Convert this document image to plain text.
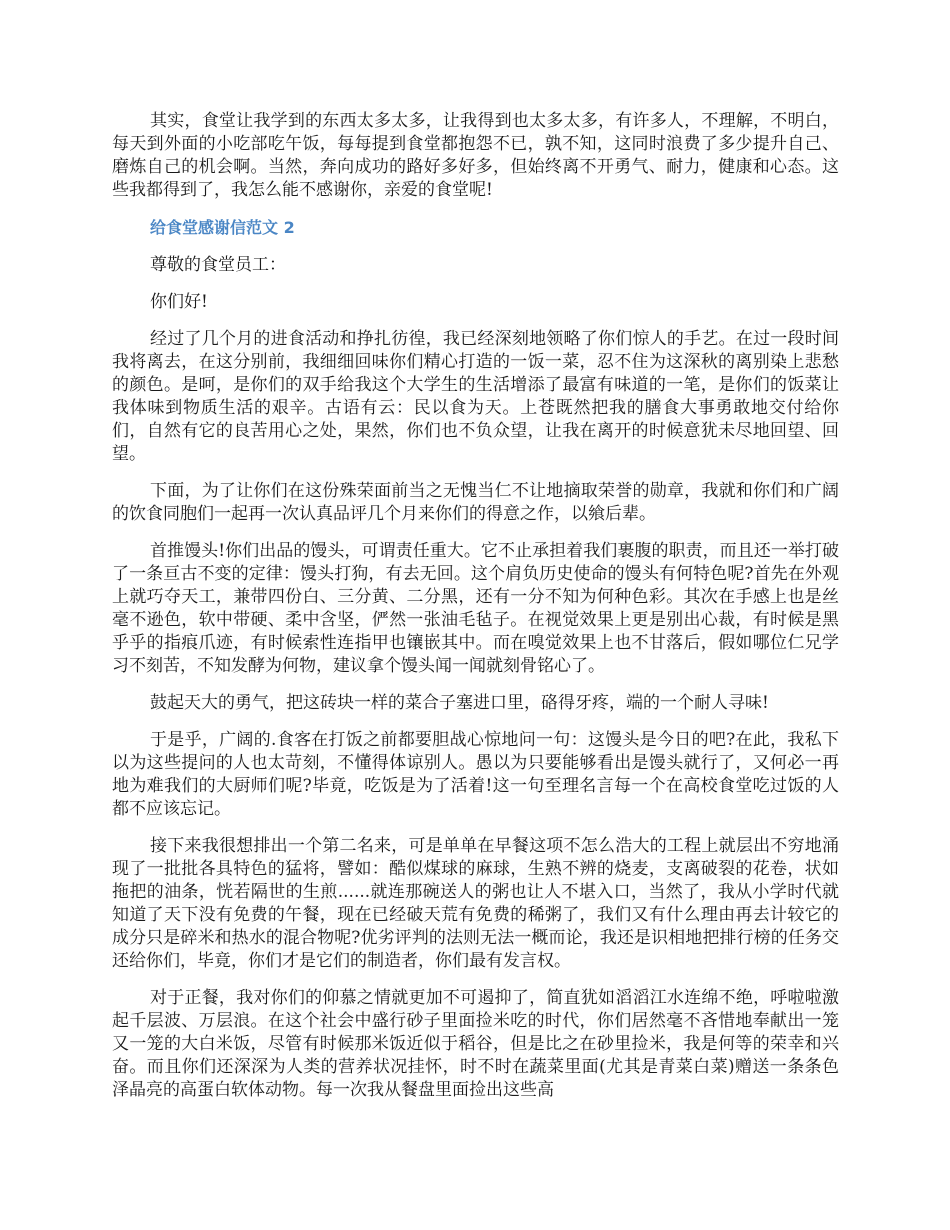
其实，食堂让我学到的东西太多太多，让我得到也太多太多，有许多人，不理解，不明白，每天到外面的小吃部吃午饭，每每提到食堂都抱怨不已，孰不知，这同时浪费了多少提升自己、磨炼自己的机会啊。当然，奔向成功的路好多好多，但始终离不开勇气、耐力，健康和心态。这些我都得到了，我怎么能不感谢你，亲爱的食堂呢!

给食堂感谢信范文 2

尊敬的食堂员工：

你们好!

经过了几个月的进食活动和挣扎彷徨，我已经深刻地领略了你们惊人的手艺。在过一段时间我将离去，在这分别前，我细细回味你们精心打造的一饭一菜，忍不住为这深秋的离别染上悲愁的颜色。是呵，是你们的双手给我这个大学生的生活增添了最富有味道的一笔，是你们的饭菜让我体味到物质生活的艰辛。古语有云：民以食为天。上苍既然把我的膳食大事勇敢地交付给你们，自然有它的良苦用心之处，果然，你们也不负众望，让我在离开的时候意犹未尽地回望、回望。

下面，为了让你们在这份殊荣面前当之无愧当仁不让地摘取荣誉的勋章，我就和你们和广阔的饮食同胞们一起再一次认真品评几个月来你们的得意之作，以飨后辈。

首推馒头!你们出品的馒头，可谓责任重大。它不止承担着我们裹腹的职责，而且还一举打破了一条亘古不变的定律：馒头打狗，有去无回。这个肩负历史使命的馒头有何特色呢?首先在外观上就巧夺天工，兼带四份白、三分黄、二分黑，还有一分不知为何种色彩。其次在手感上也是丝毫不逊色，软中带硬、柔中含坚，俨然一张油毛毡子。在视觉效果上更是别出心裁，有时候是黑乎乎的指痕爪迹，有时候索性连指甲也镶嵌其中。而在嗅觉效果上也不甘落后，假如哪位仁兄学习不刻苦，不知发酵为何物，建议拿个馒头闻一闻就刻骨铭心了。

鼓起天大的勇气，把这砖块一样的菜合子塞进口里，硌得牙疼，端的一个耐人寻味!

于是乎，广阔的.食客在打饭之前都要胆战心惊地问一句：这馒头是今日的吧?在此，我私下以为这些提问的人也太苛刻，不懂得体谅别人。愚以为只要能够看出是馒头就行了，又何必一再地为难我们的大厨师们呢?毕竟，吃饭是为了活着!这一句至理名言每一个在高校食堂吃过饭的人都不应该忘记。

接下来我很想排出一个第二名来，可是单单在早餐这项不怎么浩大的工程上就层出不穷地涌现了一批批各具特色的猛将，譬如：酷似煤球的麻球，生熟不辨的烧麦，支离破裂的花卷，状如拖把的油条，恍若隔世的生煎......就连那碗送人的粥也让人不堪入口，当然了，我从小学时代就知道了天下没有免费的午餐，现在已经破天荒有免费的稀粥了，我们又有什么理由再去计较它的成分只是碎米和热水的混合物呢?优劣评判的法则无法一概而论，我还是识相地把排行榜的任务交还给你们，毕竟，你们才是它们的制造者，你们最有发言权。

对于正餐，我对你们的仰慕之情就更加不可遏抑了，简直犹如滔滔江水连绵不绝，呼啦啦激起千层波、万层浪。在这个社会中盛行砂子里面捡米吃的时代，你们居然毫不吝惜地奉献出一笼又一笼的大白米饭，尽管有时候那米饭近似于稻谷，但是比之在砂里捡米，我是何等的荣幸和兴奋。而且你们还深深为人类的营养状况挂怀，时不时在蔬菜里面(尤其是青菜白菜)赠送一条条色泽晶亮的高蛋白软体动物。每一次我从餐盘里面捡出这些高
